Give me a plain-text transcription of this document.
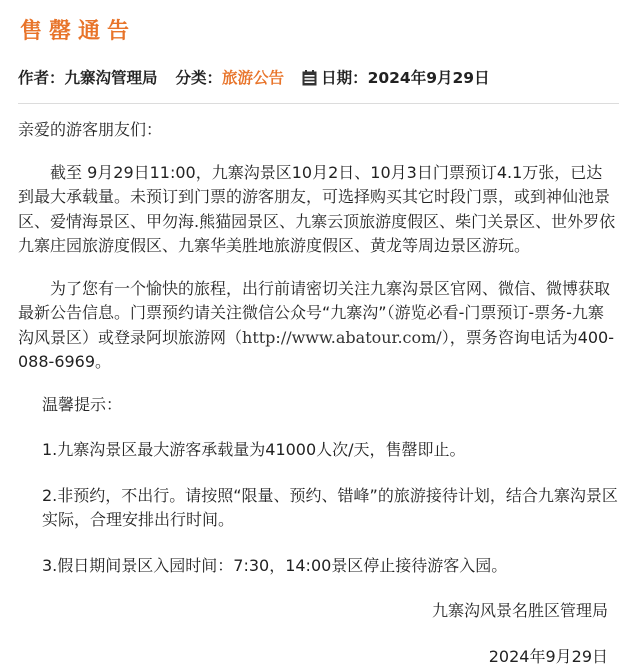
售罄通告
作者：九寨沟管理局 分类：旅游公告 日期：2024年9月29日

亲爱的游客朋友们：

截至 9月29日11:00，九寨沟景区10月2日、10月3日门票预订4.1万张，已达到最大承载量。未预订到门票的游客朋友，可选择购买其它时段门票，或到神仙池景区、爱情海景区、甲勿海.熊猫园景区、九寨云顶旅游度假区、柴门关景区、世外罗依九寨庄园旅游度假区、九寨华美胜地旅游度假区、黄龙等周边景区游玩。

为了您有一个愉快的旅程，出行前请密切关注九寨沟景区官网、微信、微博获取最新公告信息。门票预约请关注微信公众号“九寨沟”（游览必看-门票预订-票务-九寨沟风景区）或登录阿坝旅游网（http://www.abatour.com/），票务咨询电话为400-088-6969。

温馨提示：

1.九寨沟景区最大游客承载量为41000人次/天，售罄即止。

2.非预约，不出行。请按照“限量、预约、错峰”的旅游接待计划，结合九寨沟景区实际，合理安排出行时间。

3.假日期间景区入园时间：7:30，14:00景区停止接待游客入园。

九寨沟风景名胜区管理局

2024年9月29日
